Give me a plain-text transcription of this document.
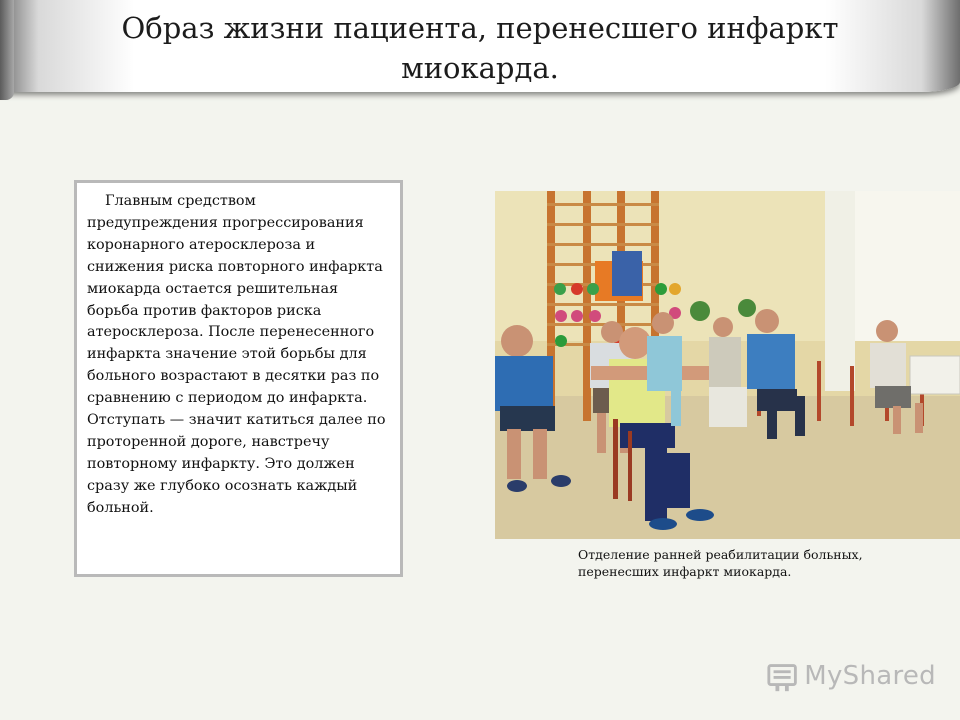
Образ жизни пациента, перенесшего инфаркт миокарда.
Главным средством предупреждения прогрессирования коронарного атеросклероза и снижения риска повторного инфаркта миокарда остается решительная борьба против факторов риска атеросклероза. После перенесенного инфаркта значение этой борьбы для больного возрастают в десятки раз по сравнению с периодом до инфаркта. Отступать — значит катиться далее по проторенной дороге, навстречу повторному инфаркту. Это должен сразу же глубоко осознать каждый больной.
Отделение ранней реабилитации больных, перенесших инфаркт миокарда.
MyShared
